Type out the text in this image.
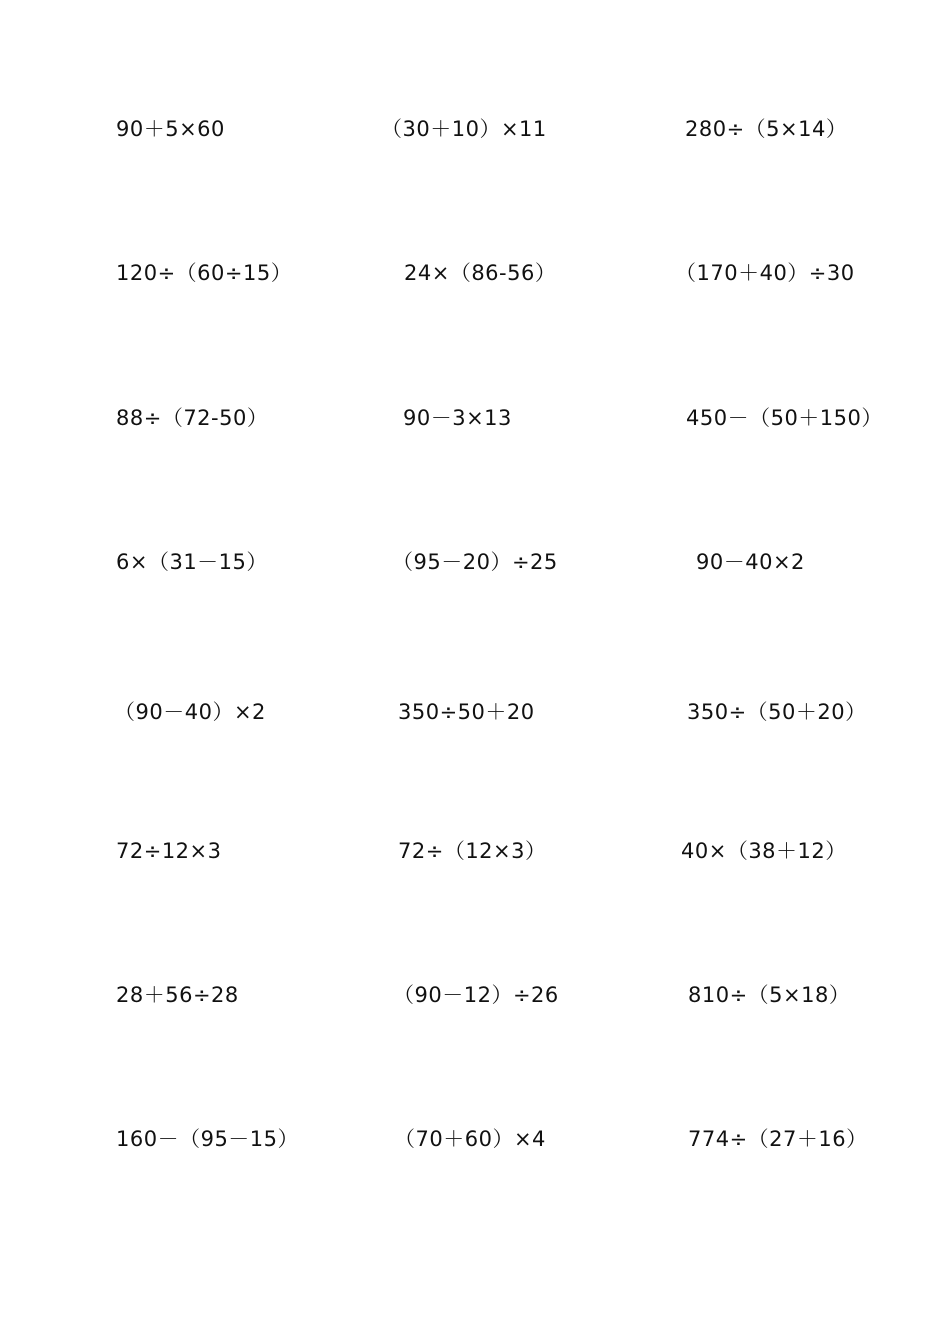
90＋5×60	（30＋10）×11	280÷（5×14）
120÷（60÷15）	24×（86-56）	（170＋40）÷30
88÷（72-50）	90－3×13	450－（50＋150）
6×（31－15）	（95－20）÷25	90－40×2
（90－40）×2	350÷50＋20	350÷（50＋20）
72÷12×3	72÷（12×3）	40×（38＋12）
28＋56÷28	（90－12）÷26	810÷（5×18）
160－（95－15）	（70＋60）×4	774÷（27＋16）
